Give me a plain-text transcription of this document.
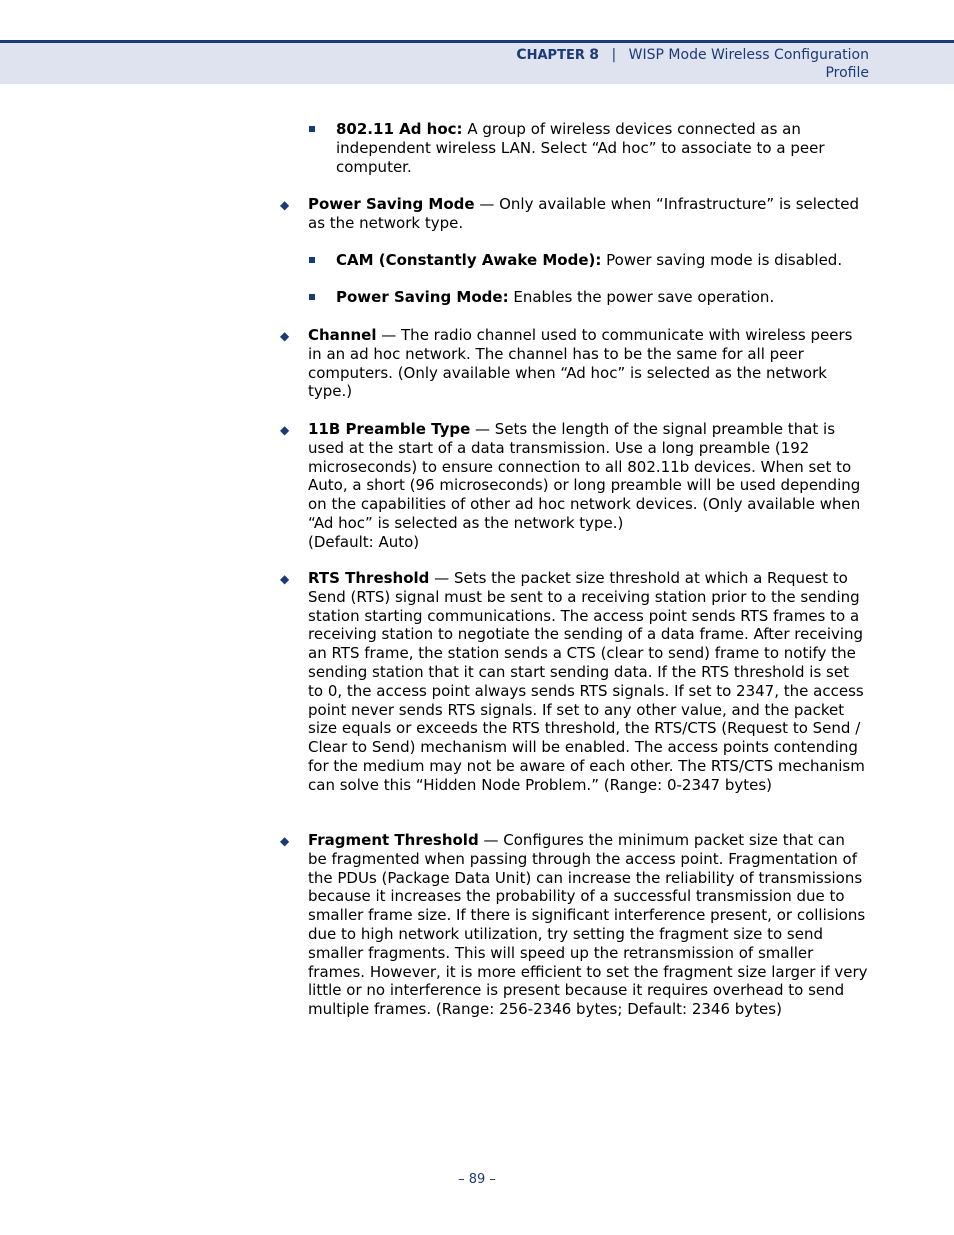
CHAPTER 8 | WISP Mode Wireless Configuration
Profile
802.11 Ad hoc: A group of wireless devices connected as an independent wireless LAN. Select “Ad hoc” to associate to a peer computer.
◆ Power Saving Mode — Only available when “Infrastructure” is selected as the network type.
CAM (Constantly Awake Mode): Power saving mode is disabled.
Power Saving Mode: Enables the power save operation.
◆ Channel — The radio channel used to communicate with wireless peers in an ad hoc network. The channel has to be the same for all peer computers. (Only available when “Ad hoc” is selected as the network type.)
◆ 11B Preamble Type — Sets the length of the signal preamble that is used at the start of a data transmission. Use a long preamble (192 microseconds) to ensure connection to all 802.11b devices. When set to Auto, a short (96 microseconds) or long preamble will be used depending on the capabilities of other ad hoc network devices. (Only available when “Ad hoc” is selected as the network type.)
(Default: Auto)
◆ RTS Threshold — Sets the packet size threshold at which a Request to Send (RTS) signal must be sent to a receiving station prior to the sending station starting communications. The access point sends RTS frames to a receiving station to negotiate the sending of a data frame. After receiving an RTS frame, the station sends a CTS (clear to send) frame to notify the sending station that it can start sending data. If the RTS threshold is set to 0, the access point always sends RTS signals. If set to 2347, the access point never sends RTS signals. If set to any other value, and the packet size equals or exceeds the RTS threshold, the RTS/CTS (Request to Send / Clear to Send) mechanism will be enabled. The access points contending for the medium may not be aware of each other. The RTS/CTS mechanism can solve this “Hidden Node Problem.” (Range: 0-2347 bytes)
◆ Fragment Threshold — Configures the minimum packet size that can be fragmented when passing through the access point. Fragmentation of the PDUs (Package Data Unit) can increase the reliability of transmissions because it increases the probability of a successful transmission due to smaller frame size. If there is significant interference present, or collisions due to high network utilization, try setting the fragment size to send smaller fragments. This will speed up the retransmission of smaller frames. However, it is more efficient to set the fragment size larger if very little or no interference is present because it requires overhead to send multiple frames. (Range: 256-2346 bytes; Default: 2346 bytes)
– 89 –
